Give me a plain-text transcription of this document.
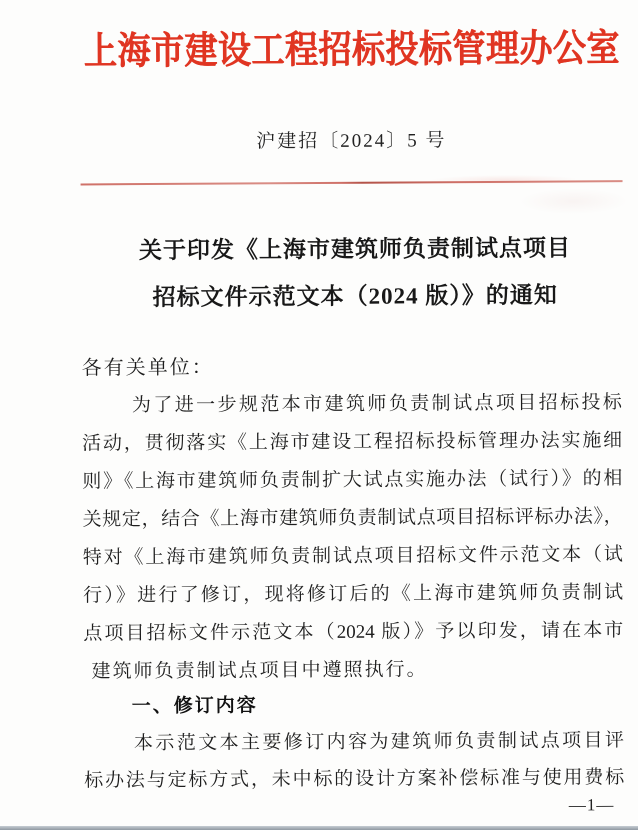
上海市建设工程招标投标管理办公室
沪建招〔2024〕5 号
关于印发《上海市建筑师负责制试点项目
招标文件示范文本（2024 版）》的通知
各有关单位：
为了进一步规范本市建筑师负责制试点项目招标投标
活动，贯彻落实《上海市建设工程招标投标管理办法实施细
则》《上海市建筑师负责制扩大试点实施办法（试行）》的相
关规定，结合《上海市建筑师负责制试点项目招标评标办法》，
特对《上海市建筑师负责制试点项目招标文件示范文本（试
行）》进行了修订，现将修订后的《上海市建筑师负责制试
点项目招标文件示范文本（2024 版）》予以印发，请在本市
建筑师负责制试点项目中遵照执行。
一、修订内容
本示范文本主要修订内容为建筑师负责制试点项目评
标办法与定标方式，未中标的设计方案补偿标准与使用费标
—1—
